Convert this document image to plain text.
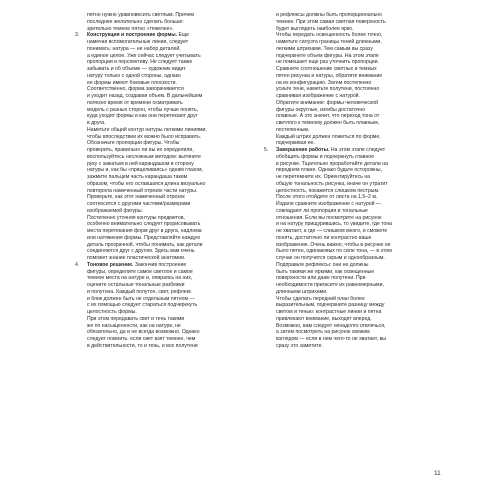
пятно нужно уравновесить светлым. Причем
последнее желательно сделать больше:
зрительно темное пятно «тяжелее».
3. Конструкция и построение формы. Еще
намечая вспомогательные линии, следует
понимать: натура — не набор деталей,
а единое целое. Уже сейчас следует учитывать
пропорции и перспективу. Не следует также
забывать и об объеме — художник видит
натуру только с одной стороны, однако
ее формы имеют боковые плоскости.
Соответственно, форма заворачивается
и уходит назад, создавая объем. В дальнейшем
полезно время от времени осматривать
модель с разных сторон, чтобы лучше понять,
куда уходят формы и как они перетекают друг
в друга.
Наметьте общий контур натуры легкими линиями,
чтобы впоследствии их можно было исправить.
Обозначьте пропорции фигуры. Чтобы
проверить, правильно ли вы их определили,
воспользуйтесь несложным методом: вытяните
руку с зажатым в ней карандашом в сторону
натуры и, как бы «прицеливаясь» одним глазом,
зажмите пальцем часть карандаша таким
образом, чтобы его оставшаяся длина визуально
повторяла намеченный отрезок части натуры.
Проверьте, как этот намеченный отрезок
соотносится с другими частями/размерами
изображаемой фигуры.
Постепенно уточняя контуры предметов,
особенно внимательно следует прорисовывать
места перетекания форм друг в друга, надлома
или натяжения формы. Представляйте каждую
деталь прозрачной, чтобы понимать, как детали
соединяются друг с другом. Здесь вам очень
поможет знание пластической анатомии.
4. Тоновое решение. Закончив построение
фигуры, определите самое светлое и самое
темное места на натуре и, опираясь на них,
оцените остальные тональные разбежки
и полутона. Каждый полутон, свет, рефлекс
и блик должен быть не отдельным пятном —
с их помощью следует стараться подчеркнуть
целостность формы.
При этом передавать свет и тень такими
же по насыщенности, как на натуре, не
обязательно, да и не всегда возможно. Однако
следует помнить: если свет взят темнее, чем
в действительности, то и тень, и все полутени
и рефлексы должны быть пропорционально
темнее. При этом самая светлая поверхность
будет выглядеть наиболее ярко.
Чтобы передать освещенность более точно,
наметьте силуэта границы теней длинными,
легкими штрихами. Тем самым вы сразу
подчеркнете объем фигуры. На этом этапе
не помешает еще раз уточнить пропорции.
Сравните соотношение светлых и темных
пятен рисунка и натуры, обратите внимание
на их конфигурацию. Затем постепенно
усиьте тени, наметьте полутени, постоянно
сравнивая изображение с натурой.
Обратите внимание: формы человеческой
фигуры округлые, изгибы достаточно
плавные. А это значит, что переход тона от
светлого к темному должен быть плавным,
постепенным.
Каждый штрих должен ложиться по форме,
подчеркивая ее.
5. Завершение работы. На этом этапе следует
обобщить формы и подчеркнуть главное
в рисунке. Тщательно проработайте детали на
переднем плане. Однако будьте осторожны,
не перетемните их. Ориентируйтесь на
общую тональность рисунка, иначе он утратит
целостность, покажется слишком пестрым.
После этого отойдите от листа на 1,5–2 м.
Издали сравните изображение с натурой —
совпадают ли пропорции и тональные
отношения. Если вы посмотрите на рисунок
и на натуру прищурившись, то увидите, где тона
не хватает, а где — слишком много, и сможете
понять, достаточно ли контрастно ваше
изображение. Очень важно, чтобы в рисунке не
было пятен, одинаковых по силе тона, — в этом
случае он получится серым и однообразным.
Подправьте рефлексы: они не должны
быть такими же яркими, как освещенные
поверхности или даже полутени. При
необходимости пригасите их равномерными,
длинными штрихами.
Чтобы сделать передний план более
выразительным, подчеркните разницу между
светом и тенью: контрастные линии и пятна
привлекают внимание, выходят вперед.
Возможно, вам следует ненадолго отвлечься,
а затем посмотреть на рисунок свежим
взглядом — если в нем чего-то не хватает, вы
сразу это заметите.
11
